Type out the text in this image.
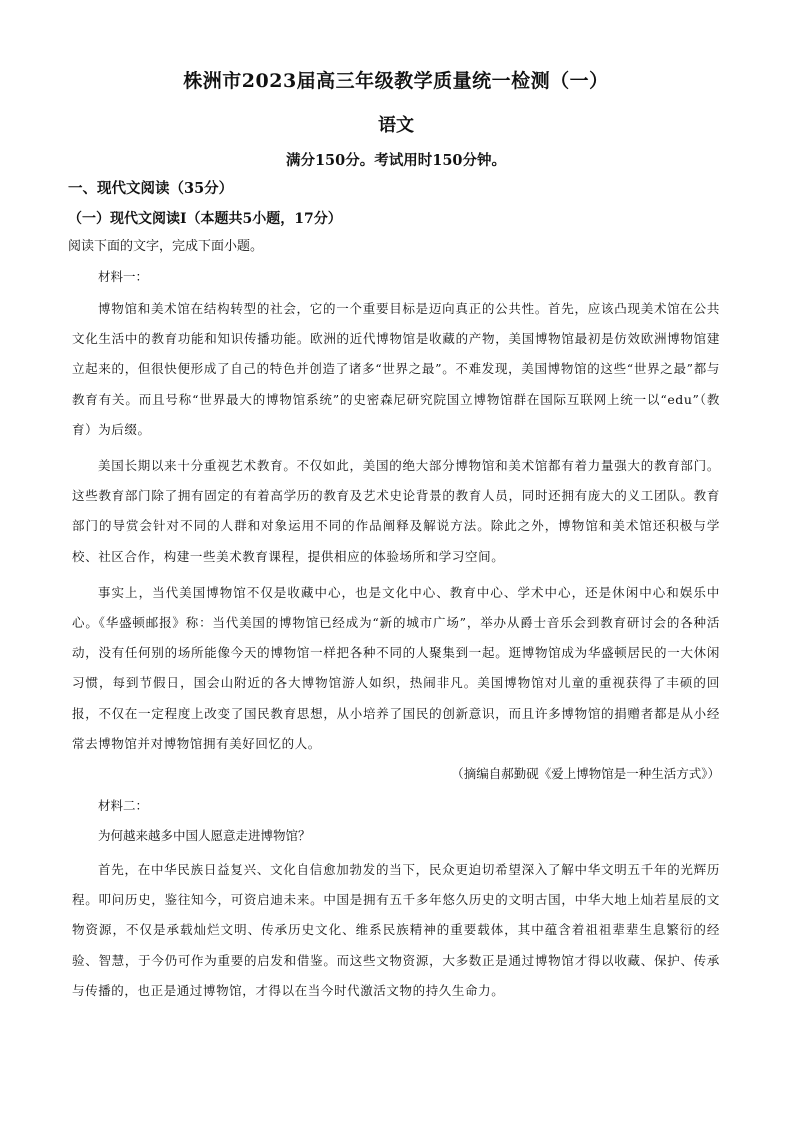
株洲市2023届高三年级教学质量统一检测（一）
语文
满分150分。考试用时150分钟。
一、现代文阅读（35分）
（一）现代文阅读Ⅰ（本题共5小题，17分）
阅读下面的文字，完成下面小题。
材料一：

博物馆和美术馆在结构转型的社会，它的一个重要目标是迈向真正的公共性。首先，应该凸现美术馆在公共文化生活中的教育功能和知识传播功能。欧洲的近代博物馆是收藏的产物，美国博物馆最初是仿效欧洲博物馆建立起来的，但很快便形成了自己的特色并创造了诸多“世界之最”。不难发现，美国博物馆的这些“世界之最”都与教育有关。而且号称“世界最大的博物馆系统”的史密森尼研究院国立博物馆群在国际互联网上统一以“edu”（教育）为后缀。

美国长期以来十分重视艺术教育。不仅如此，美国的绝大部分博物馆和美术馆都有着力量强大的教育部门。这些教育部门除了拥有固定的有着高学历的教育及艺术史论背景的教育人员，同时还拥有庞大的义工团队。教育部门的导赏会针对不同的人群和对象运用不同的作品阐释及解说方法。除此之外，博物馆和美术馆还积极与学校、社区合作，构建一些美术教育课程，提供相应的体验场所和学习空间。

事实上，当代美国博物馆不仅是收藏中心，也是文化中心、教育中心、学术中心，还是休闲中心和娱乐中心。《华盛顿邮报》称：当代美国的博物馆已经成为“新的城市广场”，举办从爵士音乐会到教育研讨会的各种活动，没有任何别的场所能像今天的博物馆一样把各种不同的人聚集到一起。逛博物馆成为华盛顿居民的一大休闲习惯，每到节假日，国会山附近的各大博物馆游人如织，热闹非凡。美国博物馆对儿童的重视获得了丰硕的回报，不仅在一定程度上改变了国民教育思想，从小培养了国民的创新意识，而且许多博物馆的捐赠者都是从小经常去博物馆并对博物馆拥有美好回忆的人。

（摘编自郝勤砚《爱上博物馆是一种生活方式》）
材料二：
为何越来越多中国人愿意走进博物馆？

首先，在中华民族日益复兴、文化自信愈加勃发的当下，民众更迫切希望深入了解中华文明五千年的光辉历程。叩问历史，鉴往知今，可资启迪未来。中国是拥有五千多年悠久历史的文明古国，中华大地上灿若星辰的文物资源，不仅是承载灿烂文明、传承历史文化、维系民族精神的重要载体，其中蕴含着祖祖辈辈生息繁衍的经验、智慧，于今仍可作为重要的启发和借鉴。而这些文物资源，大多数正是通过博物馆才得以收藏、保护、传承与传播的，也正是通过博物馆，才得以在当今时代激活文物的持久生命力。
